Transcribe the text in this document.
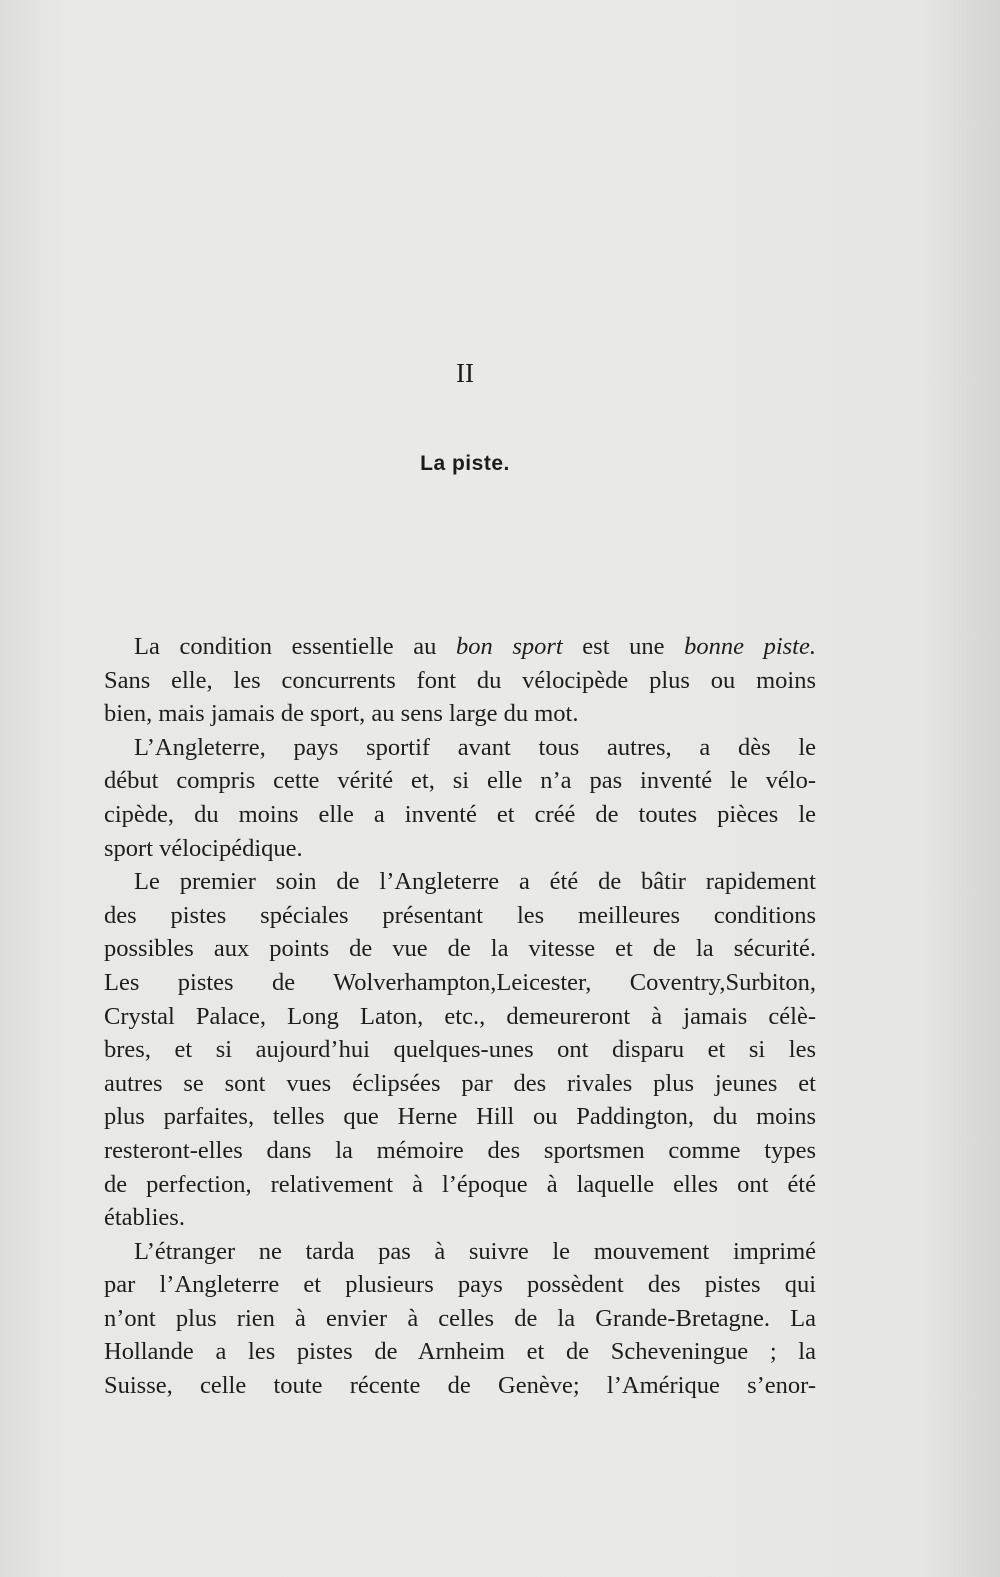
II
La piste.
La condition essentielle au bon sport est une bonne piste.
Sans elle, les concurrents font du vélocipède plus ou moins
bien, mais jamais de sport, au sens large du mot.
L’Angleterre, pays sportif avant tous autres, a dès le
début compris cette vérité et, si elle n’a pas inventé le vélo-
cipède, du moins elle a inventé et créé de toutes pièces le
sport vélocipédique.
Le premier soin de l’Angleterre a été de bâtir rapidement
des pistes spéciales présentant les meilleures conditions
possibles aux points de vue de la vitesse et de la sécurité.
Les pistes de Wolverhampton,Leicester, Coventry,Surbiton,
Crystal Palace, Long Laton, etc., demeureront à jamais célè-
bres, et si aujourd’hui quelques-unes ont disparu et si les
autres se sont vues éclipsées par des rivales plus jeunes et
plus parfaites, telles que Herne Hill ou Paddington, du moins
resteront-elles dans la mémoire des sportsmen comme types
de perfection, relativement à l’époque à laquelle elles ont été
établies.
L’étranger ne tarda pas à suivre le mouvement imprimé
par l’Angleterre et plusieurs pays possèdent des pistes qui
n’ont plus rien à envier à celles de la Grande-Bretagne. La
Hollande a les pistes de Arnheim et de Scheveningue ; la
Suisse, celle toute récente de Genève; l’Amérique s’enor-
